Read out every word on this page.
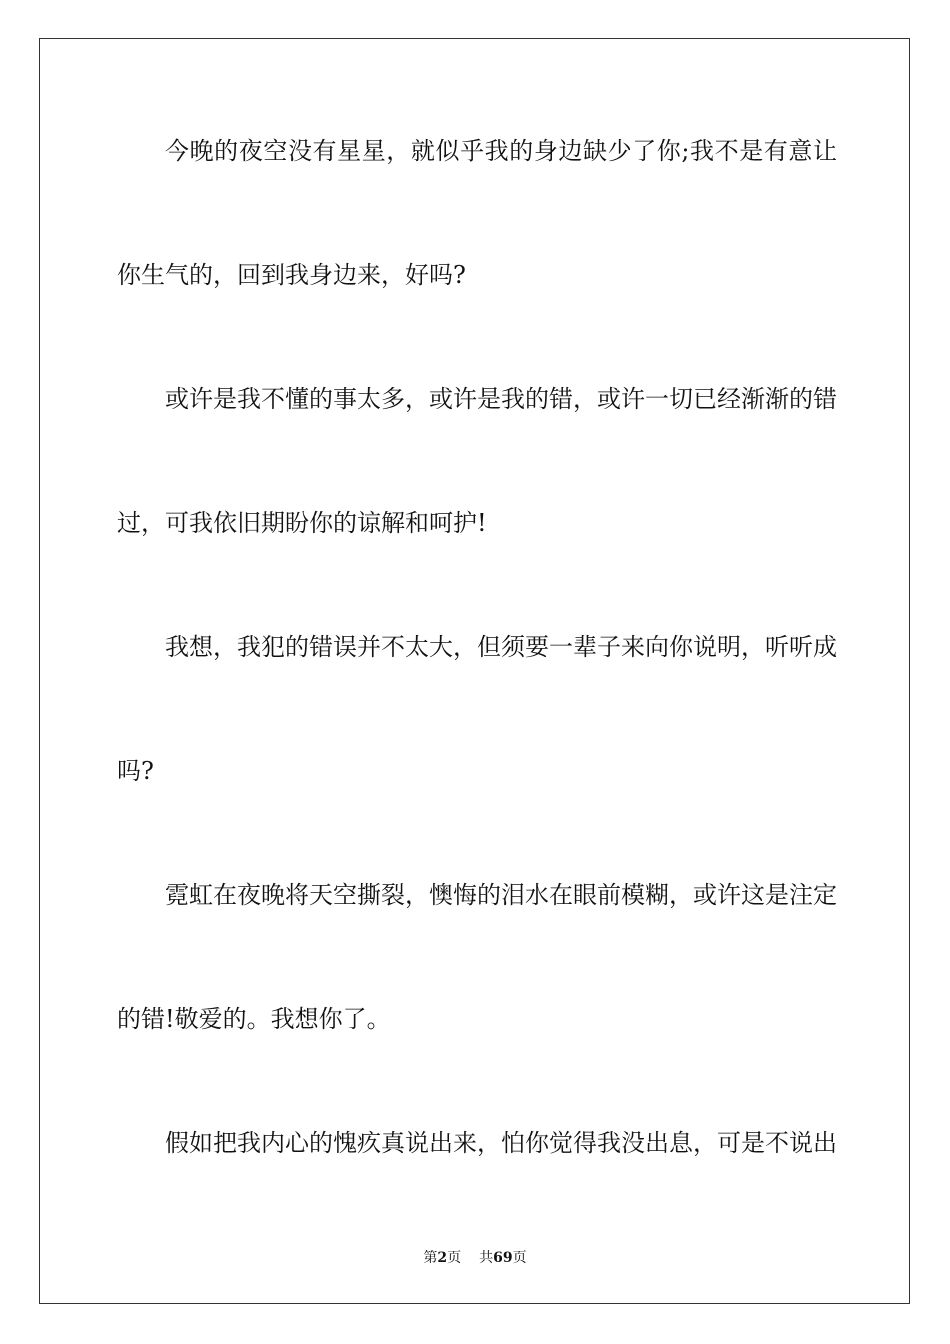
今晚的夜空没有星星，就似乎我的身边缺少了你;我不是有意让
你生气的，回到我身边来，好吗?
或许是我不懂的事太多，或许是我的错，或许一切已经渐渐的错
过，可我依旧期盼你的谅解和呵护!
我想，我犯的错误并不太大，但须要一辈子来向你说明，听听成
吗?
霓虹在夜晚将天空撕裂，懊悔的泪水在眼前模糊，或许这是注定
的错!敬爱的。我想你了。
假如把我内心的愧疚真说出来，怕你觉得我没出息，可是不说出
第2页 共69页
